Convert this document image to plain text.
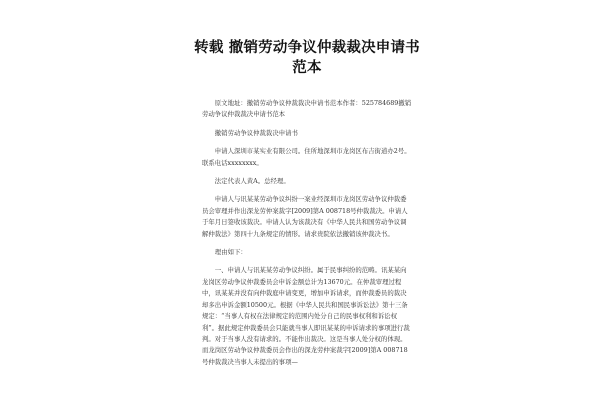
转载 撤销劳动争议仲裁裁决申请书范本
原文地址：撤销劳动争议仲裁裁决申请书范本作者：525784689撤销劳动争议仲裁裁决申请书范本
撤销劳动争议仲裁裁决申请书
申请人深圳市某实业有限公司。住所地深圳市龙岗区布吉街道办2号。联系电话xxxxxxxx。
法定代表人黄A。总经理。
申请人与讯某某劳动争议纠纷一案业经深圳市龙岗区劳动争议仲裁委员会审理并作出深龙劳仲案裁字[2009]第A 008718号仲裁裁决。申请人于年月日签收该裁决。申请人认为该裁决有《中华人民共和国劳动争议调解仲裁法》第四十九条规定的情形。请求贵院依法撤销该仲裁决书。
理由如下：
一、申请人与讯某某劳动争议纠纷。属于民事纠纷的范畴。讯某某向龙岗区劳动争议仲裁委员会申诉金额总计为13670元。在仲裁审理过程中，讯某某并没有向仲裁庭申请变更，增加申诉请求，而仲裁委员的裁决却多出申诉金额10500元。根据《中华人民共和国民事诉讼法》第十三条规定：“当事人有权在法律规定的范围内处分自己的民事权利和诉讼权利”。据此规定仲裁委员会只能就当事人即讯某某的申诉请求的事项进行裁判。对于当事人没有请求的。不能作出裁决。这是当事人处分权的体现。而龙岗区劳动争议仲裁委员会作出的深龙劳仲案裁字[2009]第A 008718号仲裁裁决当事人未提出的事项—
